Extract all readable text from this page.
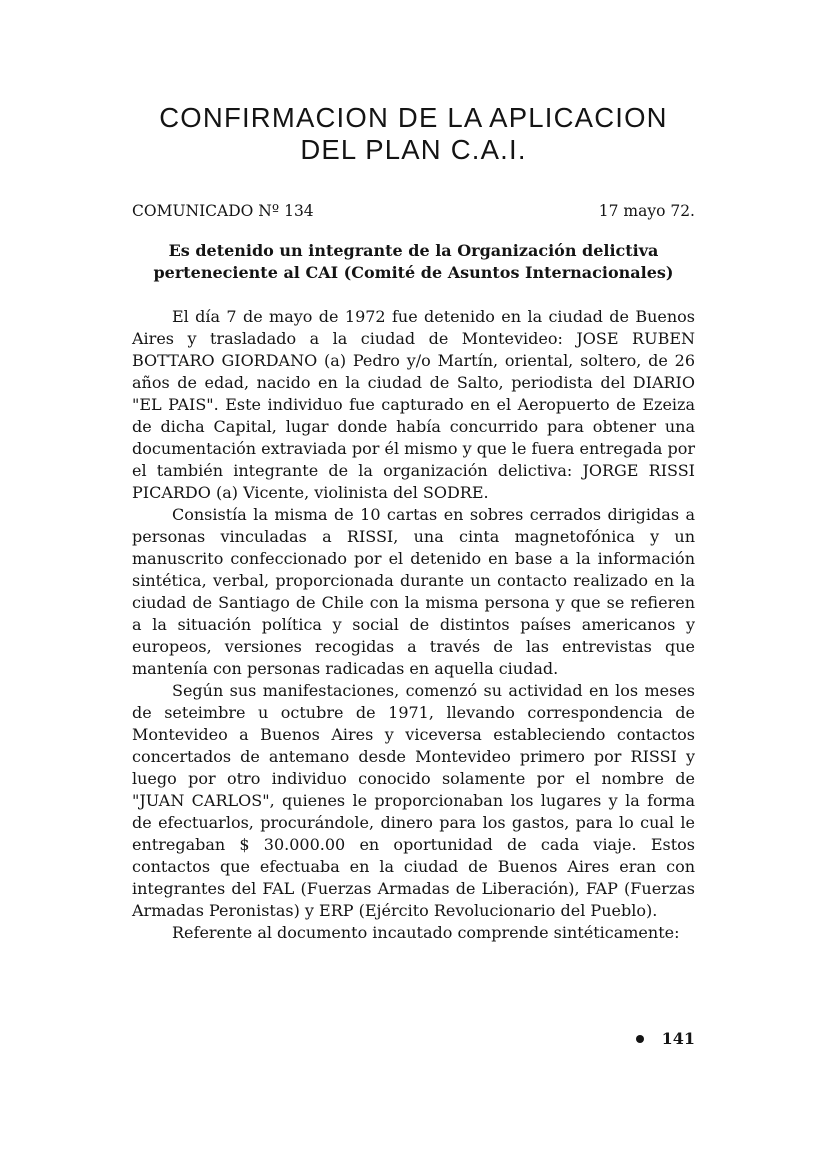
CONFIRMACION DE LA APLICACION
DEL PLAN C.A.I.
COMUNICADO Nº 134	17 mayo 72.
Es detenido un integrante de la Organización delictiva perteneciente al CAI (Comité de Asuntos Internacionales)

El día 7 de mayo de 1972 fue detenido en la ciudad de Buenos Aires y trasladado a la ciudad de Montevideo: JOSE RUBEN BOTTARO GIORDANO (a) Pedro y/o Martín, oriental, soltero, de 26 años de edad, nacido en la ciudad de Salto, periodista del DIARIO "EL PAIS". Este individuo fue capturado en el Aeropuerto de Ezeiza de dicha Capital, lugar donde había concurrido para obtener una documentación extraviada por él mismo y que le fuera entregada por el también integrante de la organización delictiva: JORGE RISSI PICARDO (a) Vicente, violinista del SODRE.

Consistía la misma de 10 cartas en sobres cerrados dirigidas a personas vinculadas a RISSI, una cinta magnetofónica y un manuscrito confeccionado por el detenido en base a la información sintética, verbal, proporcionada durante un contacto realizado en la ciudad de Santiago de Chile con la misma persona y que se refieren a la situación política y social de distintos países americanos y europeos, versiones recogidas a través de las entrevistas que mantenía con personas radicadas en aquella ciudad.

Según sus manifestaciones, comenzó su actividad en los meses de seteimbre u octubre de 1971, llevando correspondencia de Montevideo a Buenos Aires y viceversa estableciendo contactos concertados de antemano desde Montevideo primero por RISSI y luego por otro individuo conocido solamente por el nombre de "JUAN CARLOS", quienes le proporcionaban los lugares y la forma de efectuarlos, procurándole, dinero para los gastos, para lo cual le entregaban $ 30.000.00 en oportunidad de cada viaje. Estos contactos que efectuaba en la ciudad de Buenos Aires eran con integrantes del FAL (Fuerzas Armadas de Liberación), FAP (Fuerzas Armadas Peronistas) y ERP (Ejército Revolucionario del Pueblo).

Referente al documento incautado comprende sintéticamente:

141
